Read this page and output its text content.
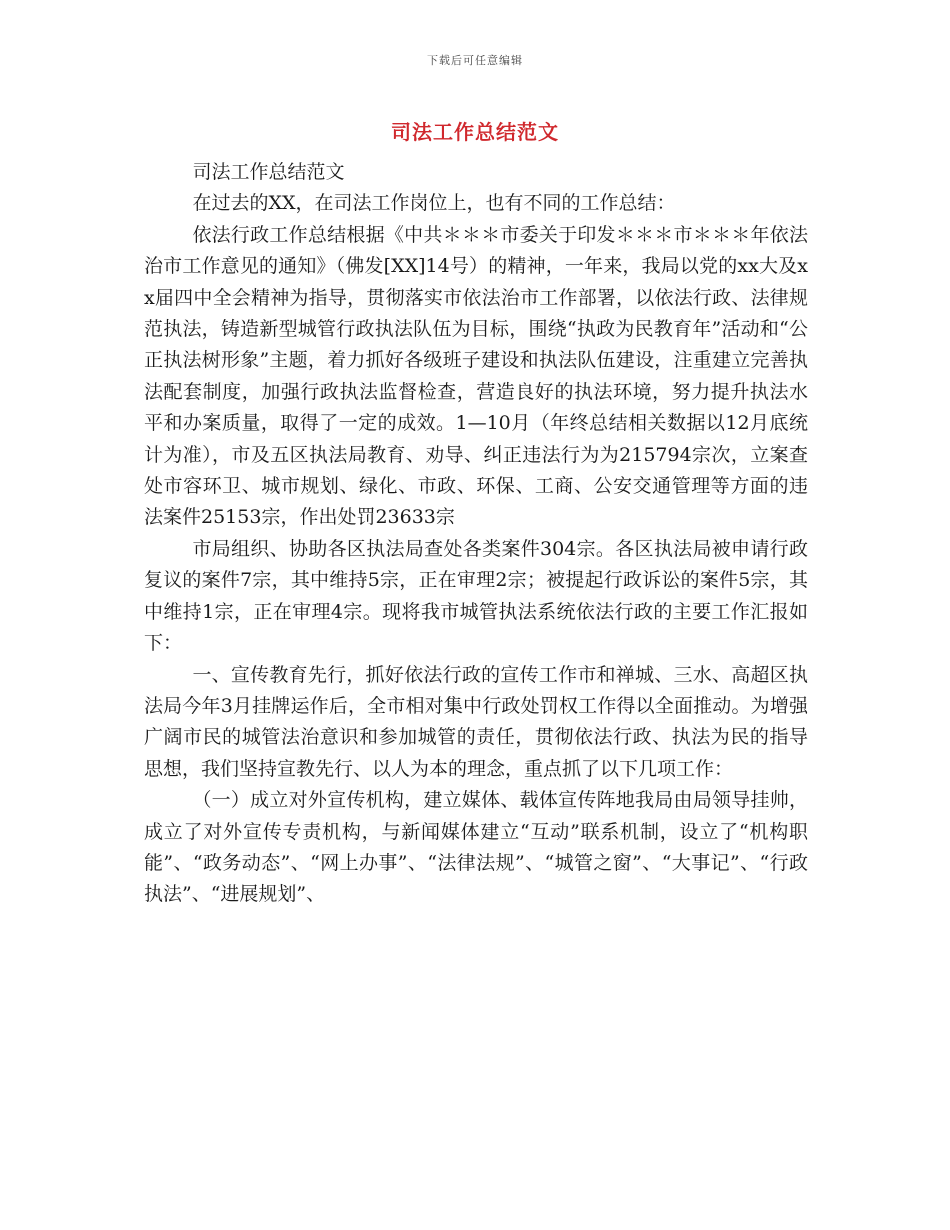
下载后可任意编辑
司法工作总结范文

司法工作总结范文

在过去的XX，在司法工作岗位上，也有不同的工作总结：

依法行政工作总结根据《中共＊＊＊市委关于印发＊＊＊市＊＊＊年依法治市工作意见的通知》（佛发[XX]14号）的精神，一年来，我局以党的xx大及xx届四中全会精神为指导，贯彻落实市依法治市工作部署，以依法行政、法律规范执法，铸造新型城管行政执法队伍为目标，围绕“执政为民教育年”活动和“公正执法树形象”主题，着力抓好各级班子建设和执法队伍建设，注重建立完善执法配套制度，加强行政执法监督检查，营造良好的执法环境，努力提升执法水平和办案质量，取得了一定的成效。1—10月（年终总结相关数据以12月底统计为准），市及五区执法局教育、劝导、纠正违法行为为215794宗次，立案查处市容环卫、城市规划、绿化、市政、环保、工商、公安交通管理等方面的违法案件25153宗，作出处罚23633宗

市局组织、协助各区执法局查处各类案件304宗。各区执法局被申请行政复议的案件7宗，其中维持5宗，正在审理2宗；被提起行政诉讼的案件5宗，其中维持1宗，正在审理4宗。现将我市城管执法系统依法行政的主要工作汇报如下：

一、宣传教育先行，抓好依法行政的宣传工作市和禅城、三水、高超区执法局今年3月挂牌运作后，全市相对集中行政处罚权工作得以全面推动。为增强广阔市民的城管法治意识和参加城管的责任，贯彻依法行政、执法为民的指导思想，我们坚持宣教先行、以人为本的理念，重点抓了以下几项工作：

（一）成立对外宣传机构，建立媒体、载体宣传阵地我局由局领导挂帅，成立了对外宣传专责机构，与新闻媒体建立“互动”联系机制，设立了“机构职能”、“政务动态”、“网上办事”、“法律法规”、“城管之窗”、“大事记”、“行政执法”、“进展规划”、
